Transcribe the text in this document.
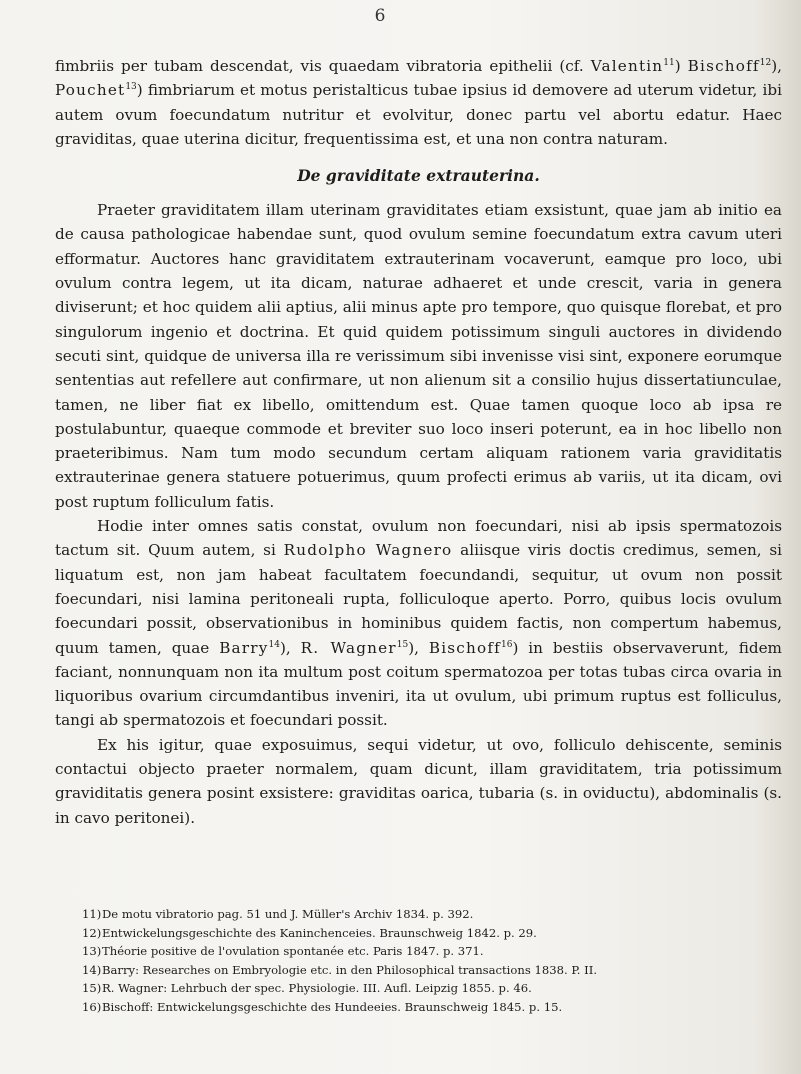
6

fimbriis per tubam descendat, vis quaedam vibratoria epithelii (cf. Valentin$^{11}$) Bischoff$^{12}$), Pouchet$^{13}$) fimbriarum et motus peristalticus tubae ipsius id demovere ad uterum videtur, ibi autem ovum foecundatum nutritur et evolvitur, donec partu vel abortu edatur. Haec graviditas, quae uterina dicitur, frequentissima est, et una non contra naturam.

De graviditate extrauterina.

Praeter graviditatem illam uterinam graviditates etiam exsistunt, quae jam ab initio ea de causa pathologicae habendae sunt, quod ovulum semine foecundatum extra cavum uteri efformatur. Auctores hanc graviditatem extrauterinam vocaverunt, eamque pro loco, ubi ovulum contra legem, ut ita dicam, naturae adhaeret et unde crescit, varia in genera diviserunt; et hoc quidem alii aptius, alii minus apte pro tempore, quo quisque florebat, et pro singulorum ingenio et doctrina. Et quid quidem potissimum singuli auctores in dividendo secuti sint, quidque de universa illa re verissimum sibi invenisse visi sint, exponere eorumque sententias aut refellere aut confirmare, ut non alienum sit a consilio hujus dissertatiunculae, tamen, ne liber fiat ex libello, omittendum est. Quae tamen quoque loco ab ipsa re postulabuntur, quaeque commode et breviter suo loco inseri poterunt, ea in hoc libello non praeteribimus. Nam tum modo secundum certam aliquam rationem varia graviditatis extrauterinae genera statuere potuerimus, quum profecti erimus ab variis, ut ita dicam, ovi post ruptum folliculum fatis.

Hodie inter omnes satis constat, ovulum non foecundari, nisi ab ipsis spermatozois tactum sit. Quum autem, si Rudolpho Wagnero aliisque viris doctis credimus, semen, si liquatum est, non jam habeat facultatem foecundandi, sequitur, ut ovum non possit foecundari, nisi lamina peritoneali rupta, folliculoque aperto. Porro, quibus locis ovulum foecundari possit, observationibus in hominibus quidem factis, non compertum habemus, quum tamen, quae Barry$^{14}$), R. Wagner$^{15}$), Bischoff$^{16}$) in bestiis observaverunt, fidem faciant, nonnunquam non ita multum post coitum spermatozoa per totas tubas circa ovaria in liquoribus ovarium circumdantibus inveniri, ita ut ovulum, ubi primum ruptus est folliculus, tangi ab spermatozois et foecundari possit.

Ex his igitur, quae exposuimus, sequi videtur, ut ovo, folliculo dehiscente, seminis contactui objecto praeter normalem, quam dicunt, illam graviditatem, tria potissimum graviditatis genera posint exsistere: graviditas oarica, tubaria (s. in oviductu), abdominalis (s. in cavo peritonei).

11)De motu vibratorio pag. 51 und J. Müller's Archiv 1834. p. 392.
12)Entwickelungsgeschichte des Kaninchenceies. Braunschweig 1842. p. 29.
13)Théorie positive de l'ovulation spontanée etc. Paris 1847. p. 371.
14)Barry: Researches on Embryologie etc. in den Philosophical transactions 1838. P. II.
15)R. Wagner: Lehrbuch der spec. Physiologie. III. Aufl. Leipzig 1855. p. 46.
16)Bischoff: Entwickelungsgeschichte des Hundeeies. Braunschweig 1845. p. 15.
